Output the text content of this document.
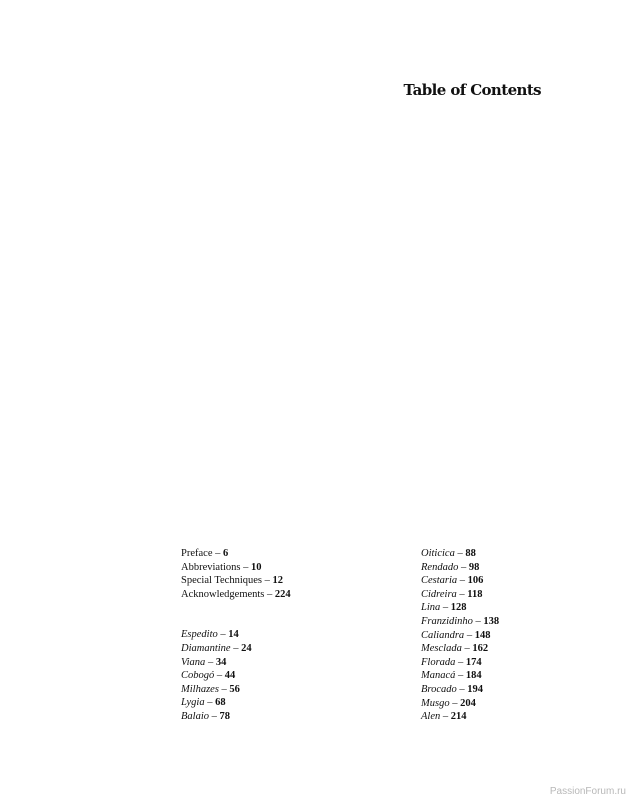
Table of Contents
Preface – 6
Abbreviations – 10
Special Techniques – 12
Acknowledgements – 224
Espedito – 14
Diamantine – 24
Viana – 34
Cobogó – 44
Milhazes – 56
Lygia – 68
Balaio – 78
Oiticica – 88
Rendado – 98
Cestaria – 106
Cidreira – 118
Lina – 128
Franzidinho – 138
Caliandra – 148
Mesclada – 162
Florada – 174
Manacá – 184
Brocado – 194
Musgo – 204
Alen – 214
PassionForum.ru
